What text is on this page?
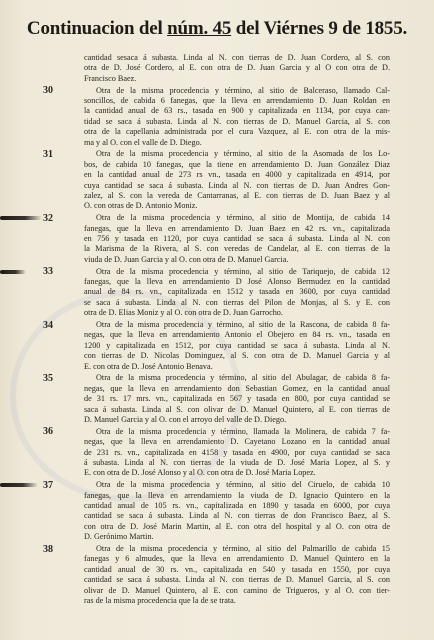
Continuacion del núm. 45 del Viérnes 9 de 1855.
cantidad sesaca á subasta. Linda al N. con tierras de D. Juan Cordero, al S. con
otra de D. José Cordero, al E. con otra de D. Juan Garcia y al O con otra de D.
Francisco Baez.
30	Otra de la misma procedencia y término, al sitio de Balceraso, llamado Cal-
soncillos, de cabida 6 fanegas, que la lleva en arrendamiento D. Juan Roldan en
la cantidad anual de 63 rs., tasada en 900 y capitalizada en 1134, por cuya can-
tidad se saca á subasta. Linda al N. con tierras de D. Manuel Garcia, al S. con
otra de la capellania administrada por el cura Vazquez, al E. con otra de la mis-
ma y al O. con el valle de D. Diego.
31	Otra de la misma procedencia y término, al sitio de la Asomada de los Lo-
bos, de cabida 10 fanegas, que la tiene en arrendamiento D. Juan González Diaz
en la cantidad anual de 273 rs vn., tasada en 4000 y capitalizada en 4914, por
cuya cantidad se saca á subasta. Linda al N. con tierras de D. Juan Andres Gon-
zalez, al S. con la vereda de Cantarranas, al E. con tierras de D. Juan Baez y al
O. con otras de D. Antonio Moniz.
32	Otra de la misma procedencia y término, al sitio de Montija, de cabida 14
fanegas, que la lleva en arrendamiento D. Juan Baez en 42 rs. vn., capitalizada
en 756 y tasada en 1120, por cuya cantidad se saca á subasta. Linda al N. con
la Marisma de la Rivera, al S. con veredas de Candelar, al E. con tierras de la
viuda de D. Juan Garcia y al O. con otra de D. Manuel Garcia.
33	Otra de la misma procedencia y término, al sitio de Tariquejo, de cabida 12
fanegas, que la lleva en arrendamiento D José Alonso Bermudez en la cantidad
anual de 84 rs. vn., capitalizada en 1512 y tasada en 3600, por cuya cantidad
se saca á subasta. Linda al N. con tierras del Pilon de Monjas, al S. y E. con
otra de D. Elias Moniz y al O. con otra de D. Juan Garrocho.
34	Otra de la misma procedencia y término, al sitio de la Rascona, de cabida 8 fa-
negas, que la lleva en arrendamiento Antonio el Obejero en 84 rs. vn., tasada en
1200 y capitalizada en 1512, por cuya cantidad se saca á subasta. Linda al N.
con tierras de D. Nicolas Dominguez, al S. con otra de D. Manuel Garcia y al
E. con otra de D. José Antonio Benava.
35	Otra de la misma procedencia y término, al sitio del Abulagar, de cabida 8 fa-
negas, que la lleva en arrendamiento don Sebastian Gomez, en la cantidad anual
de 31 rs. 17 mrs. vn., capitalizada en 567 y tasada en 800, por cuya cantidad se
saca á subasta. Linda al S. con olivar de D. Manuel Quintero, al E. con tierras de
D. Manuel Garcia y al O. con el arroyo del valle de D. Diego.
36	Otra de la misma procedencia y término, llamada la Molinera, de cabida 7 fa-
negas, que la lleva en arrendamiento D. Cayetano Lozano en la cantidad anual
de 231 rs. vn., capitalizada en 4158 y tasada en 4900, por cuya cantidad se saca
á subasta. Linda al N. con tierras de la viuda de D. José Maria Lopez, al S. y
E. con otra de D. José Alonso y al O. con otra de D. José Maria Lopez.
37	Otra de la misma procedencia y término, al sitio del Ciruelo, de cabida 10
fanegas, que la lleva en arrendamiento la viuda de D. Ignacio Quintero en la
cantidad anual de 105 rs. vn., capitalizada en 1890 y tasada en 6000, por cuya
cantidad se saca á subasta. Linda al N. con tierras de don Francisco Baez, al S.
con otra de D. José Marin Martin, al E. con otra del hospital y al O. con otra de
D. Gerónimo Martin.
38	Otra de la misma procedencia y término, al sitio del Palmarillo de cabida 15
fanegas y 6 almudes, que la lleva en arrendamiento D. Manuel Quintero en la
cantidad anual de 30 rs. vn., capitalizada en 540 y tasada en 1550, por cuya
cantidad se saca á subasta. Linda al N. con tierras de D. Manuel Garcia, al S. con
olivar de D. Manuel Quintero, al E. con camino de Trigueros, y al O. con tier-
ras de la misma procedencia que la de se trata.
